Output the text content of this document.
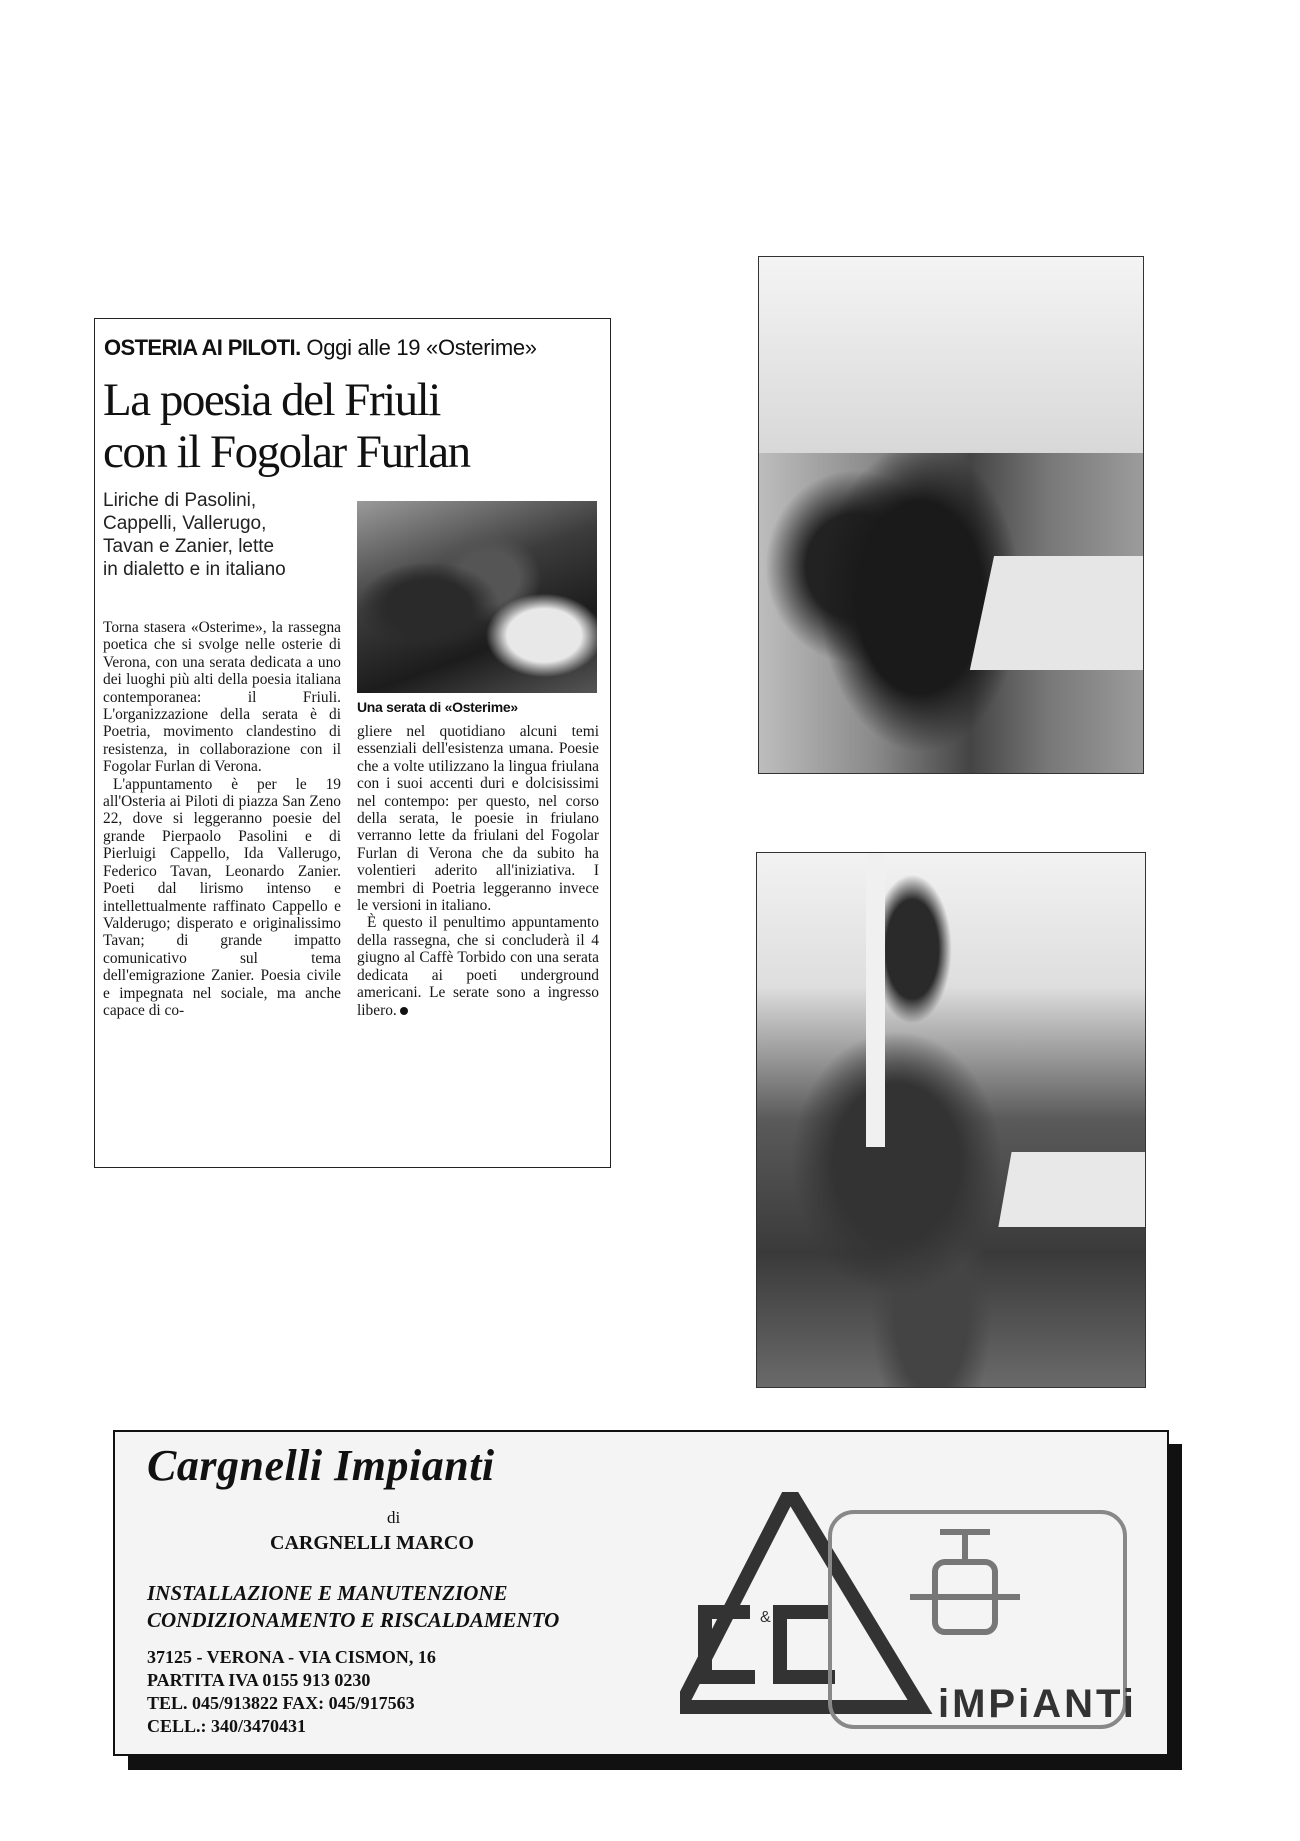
OSTERIA AI PILOTI. Oggi alle 19 «Osterime»
La poesia del Friuli
con il Fogolar Furlan
Liriche di Pasolini,
Cappelli, Vallerugo,
Tavan e Zanier, lette
in dialetto e in italiano
Una serata di «Osterime»

Torna stasera «Osterime», la rassegna poetica che si svolge nelle osterie di Verona, con una serata dedicata a uno dei luoghi più alti della poesia italiana contemporanea: il Friuli. L'organizzazione della serata è di Poetria, movimento clandestino di resistenza, in collaborazione con il Fogolar Furlan di Verona.

L'appuntamento è per le 19 all'Osteria ai Piloti di piazza San Zeno 22, dove si leggeranno poesie del grande Pierpaolo Pasolini e di Pierluigi Cappello, Ida Vallerugo, Federico Tavan, Leonardo Zanier. Poeti dal lirismo intenso e intellettualmente raffinato Cappello e Valderugo; disperato e originalissimo Tavan; di grande impatto comunicativo sul tema dell'emigrazione Zanier. Poesia civile e impegnata nel sociale, ma anche capace di co-

gliere nel quotidiano alcuni temi essenziali dell'esistenza umana. Poesie che a volte utilizzano la lingua friulana con i suoi accenti duri e dolcisissimi nel contempo: per questo, nel corso della serata, le poesie in friulano verranno lette da friulani del Fogolar Furlan di Verona che da subito ha volentieri aderito all'iniziativa. I membri di Poetria leggeranno invece le versioni in italiano.

È questo il penultimo appuntamento della rassegna, che si concluderà il 4 giugno al Caffè Torbido con una serata dedicata ai poeti underground americani. Le serate sono a ingresso libero.

Cargnelli Impianti
di
CARGNELLI MARCO
INSTALLAZIONE E MANUTENZIONE
CONDIZIONAMENTO E RISCALDAMENTO
37125 - VERONA - VIA CISMON, 16
PARTITA IVA 0155 913 0230
TEL. 045/913822 FAX: 045/917563
CELL.: 340/3470431
&
iMPiANTi
